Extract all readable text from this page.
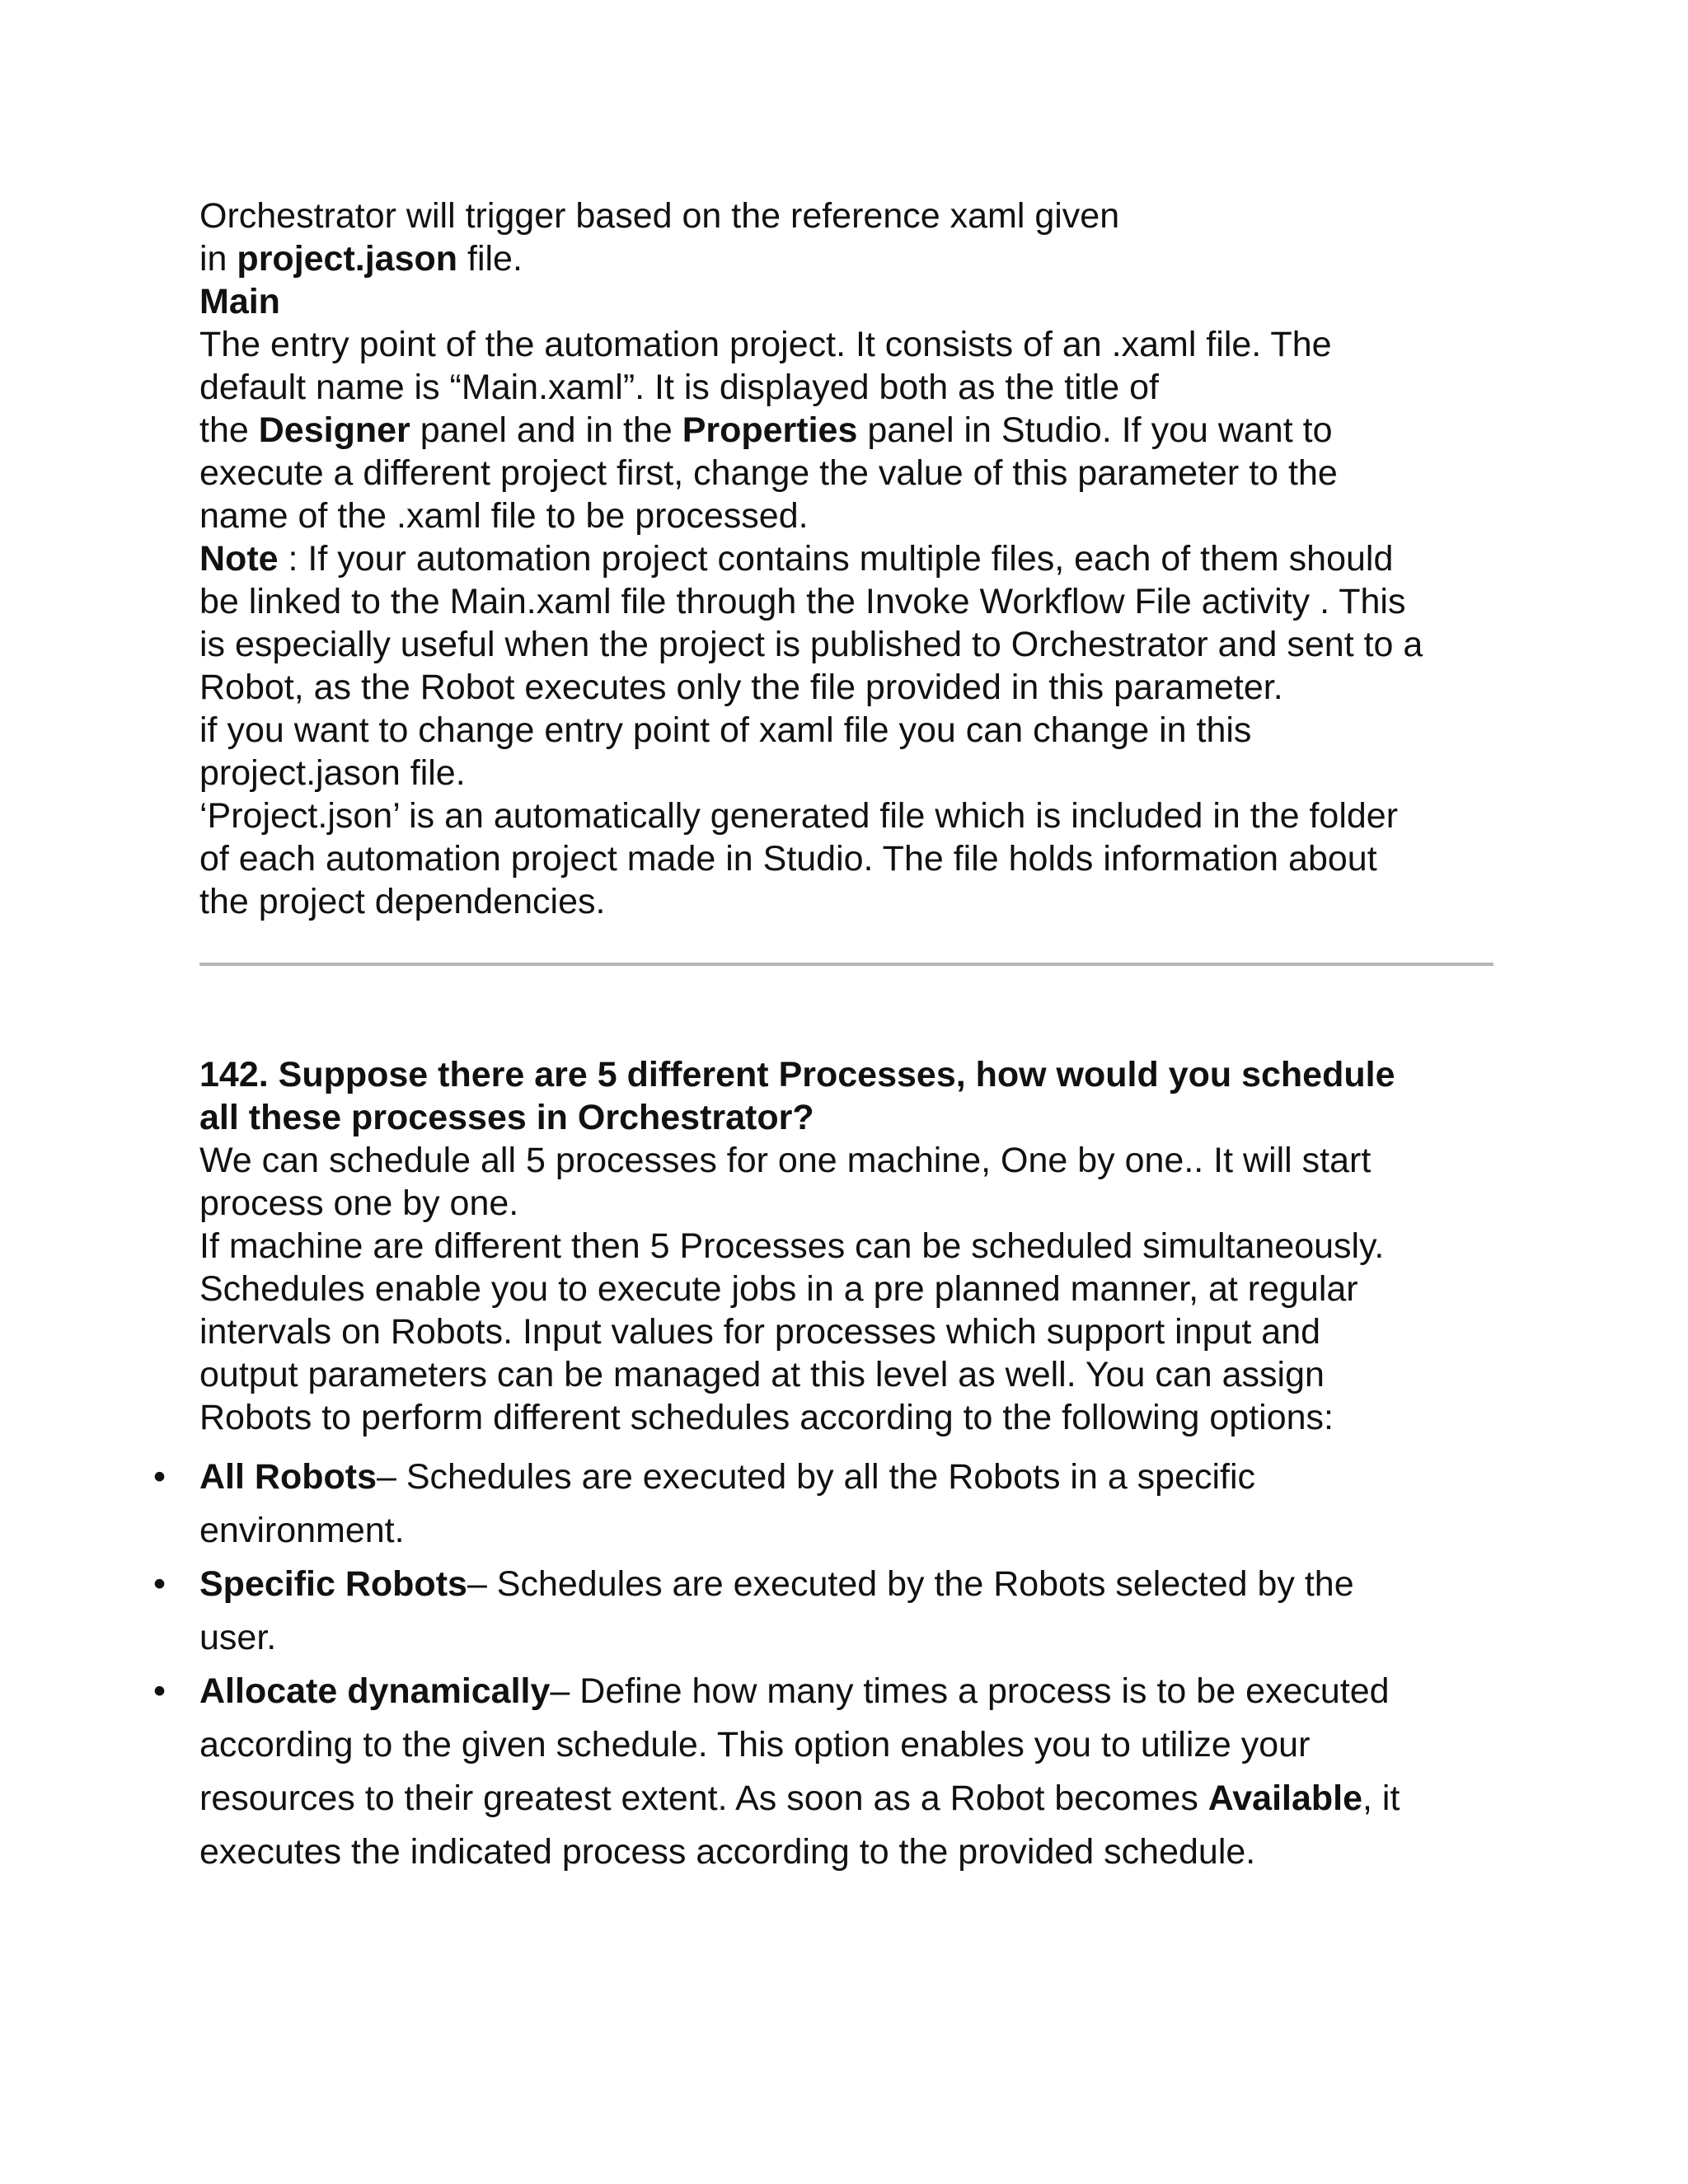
Orchestrator will trigger based on the reference xaml given

in project.jason file.

Main

The entry point of the automation project. It consists of an .xaml file. The

default name is “Main.xaml”. It is displayed both as the title of

the Designer panel and in the Properties panel in Studio. If you want to

execute a different project first, change the value of this parameter to the

name of the .xaml file to be processed.

Note : If your automation project contains multiple files, each of them should

be linked to the Main.xaml file through the Invoke Workflow File activity . This

is especially useful when the project is published to Orchestrator and sent to a

Robot, as the Robot executes only the file provided in this parameter.

if you want to change entry point of xaml file you can change in this

project.jason file.

‘Project.json’ is an automatically generated file which is included in the folder

of each automation project made in Studio. The file holds information about

the project dependencies.

142. Suppose there are 5 different Processes, how would you schedule

all these processes in Orchestrator?

We can schedule all 5 processes for one machine, One by one.. It will start

process one by one.

If machine are different then 5 Processes can be scheduled simultaneously.

Schedules enable you to execute jobs in a pre planned manner, at regular

intervals on Robots. Input values for processes which support input and

output parameters can be managed at this level as well. You can assign

Robots to perform different schedules according to the following options:

• All Robots– Schedules are executed by all the Robots in a specific

environment.

• Specific Robots– Schedules are executed by the Robots selected by the

user.

• Allocate dynamically– Define how many times a process is to be executed

according to the given schedule. This option enables you to utilize your

resources to their greatest extent. As soon as a Robot becomes Available, it

executes the indicated process according to the provided schedule.
